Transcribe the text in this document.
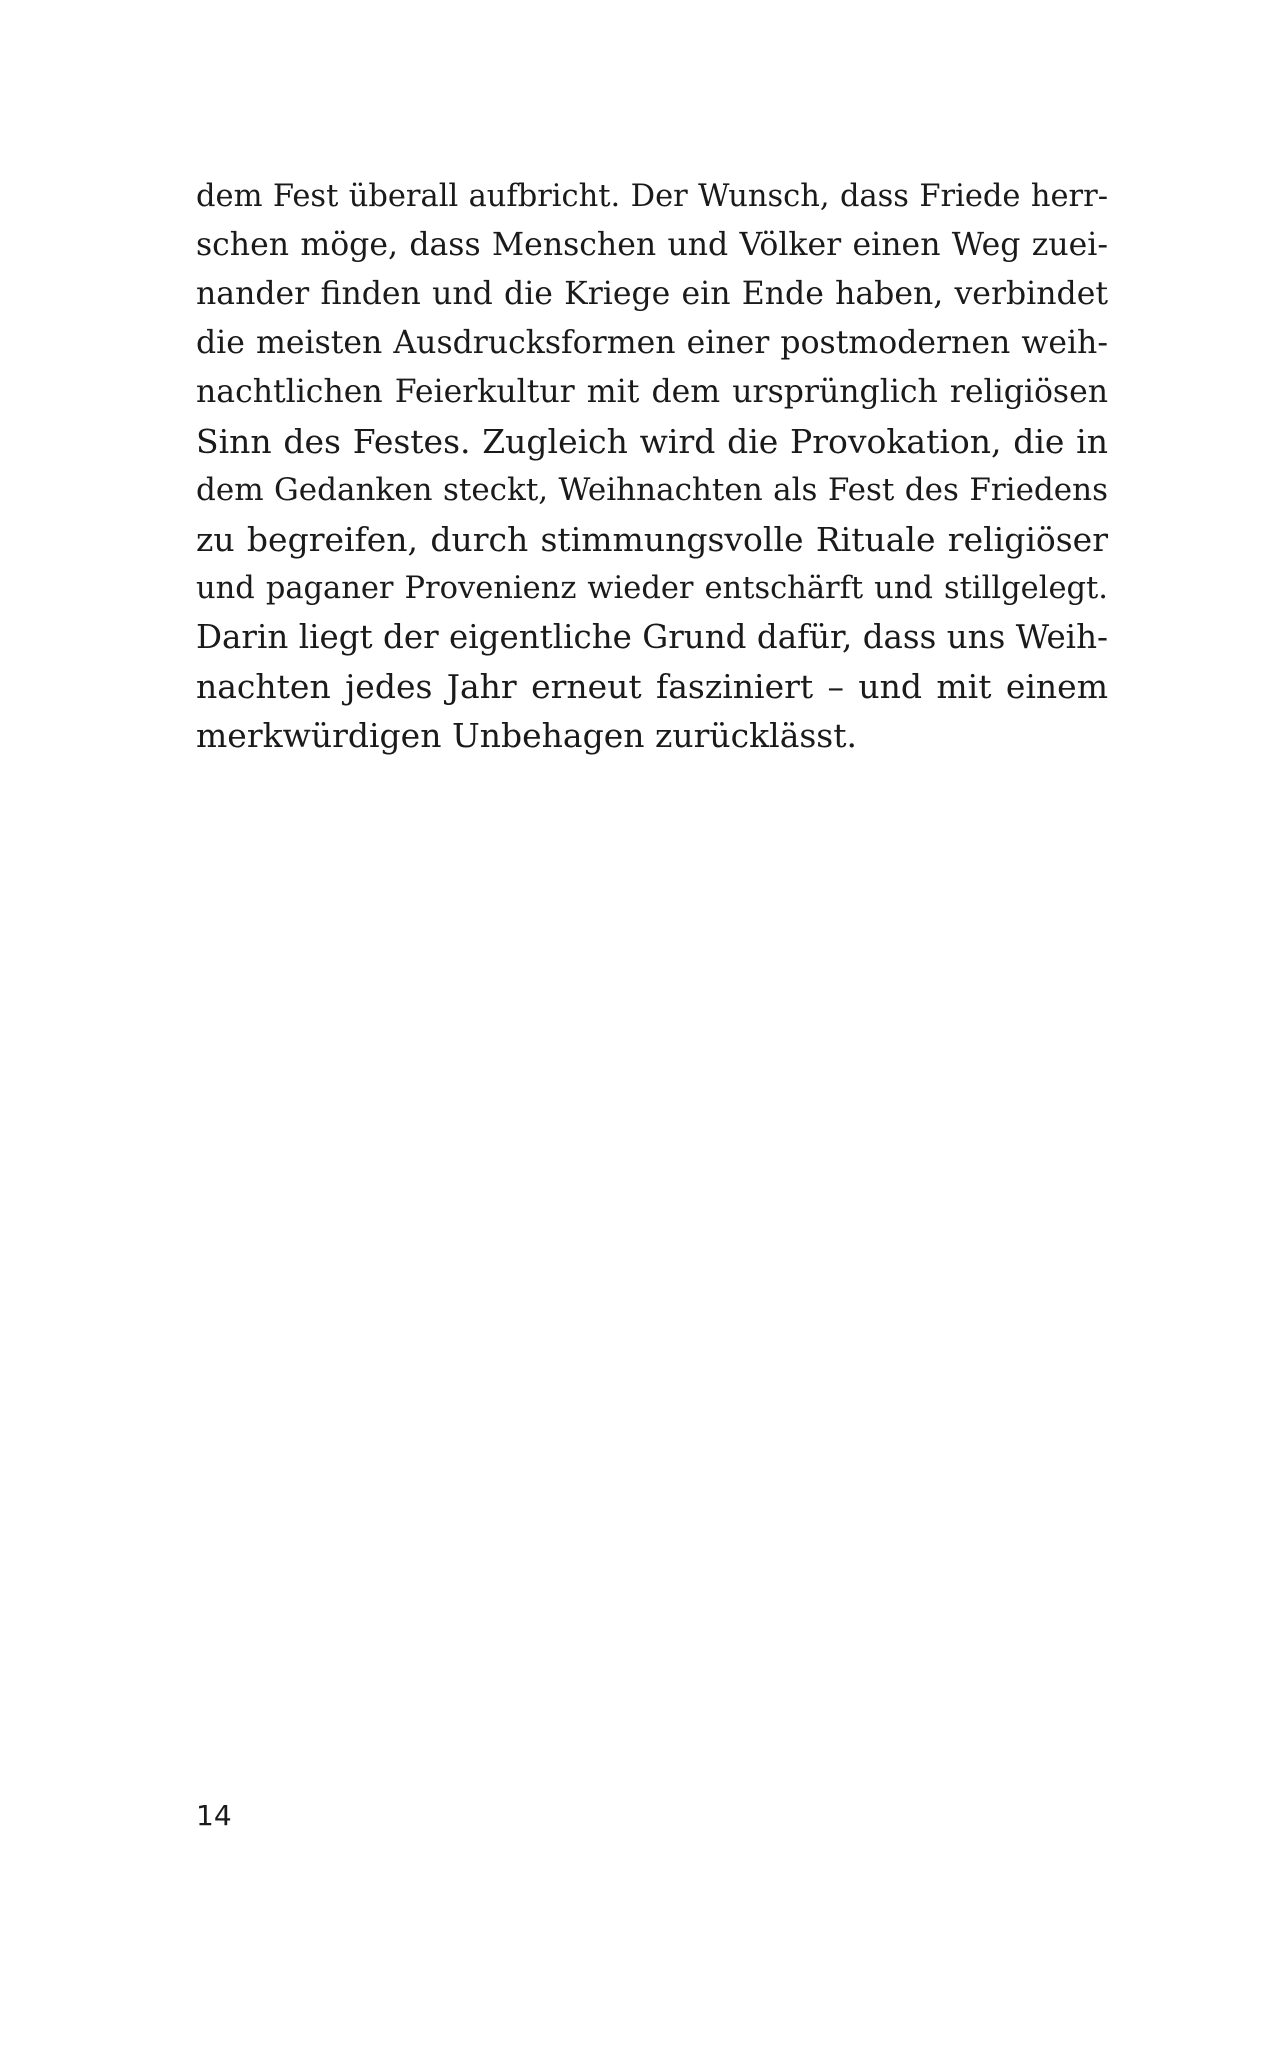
dem Fest überall aufbricht. Der Wunsch, dass Friede herr-
schen möge, dass Menschen und Völker einen Weg zuei-
nander finden und die Kriege ein Ende haben, verbindet
die meisten Ausdrucksformen einer postmodernen weih-
nachtlichen Feierkultur mit dem ursprünglich religiösen
Sinn des Festes. Zugleich wird die Provokation, die in
dem Gedanken steckt, Weihnachten als Fest des Friedens
zu begreifen, durch stimmungsvolle Rituale religiöser
und paganer Provenienz wieder entschärft und stillgelegt.
Darin liegt der eigentliche Grund dafür, dass uns Weih-
nachten jedes Jahr erneut fasziniert – und mit einem
merkwürdigen Unbehagen zurücklässt.
14
